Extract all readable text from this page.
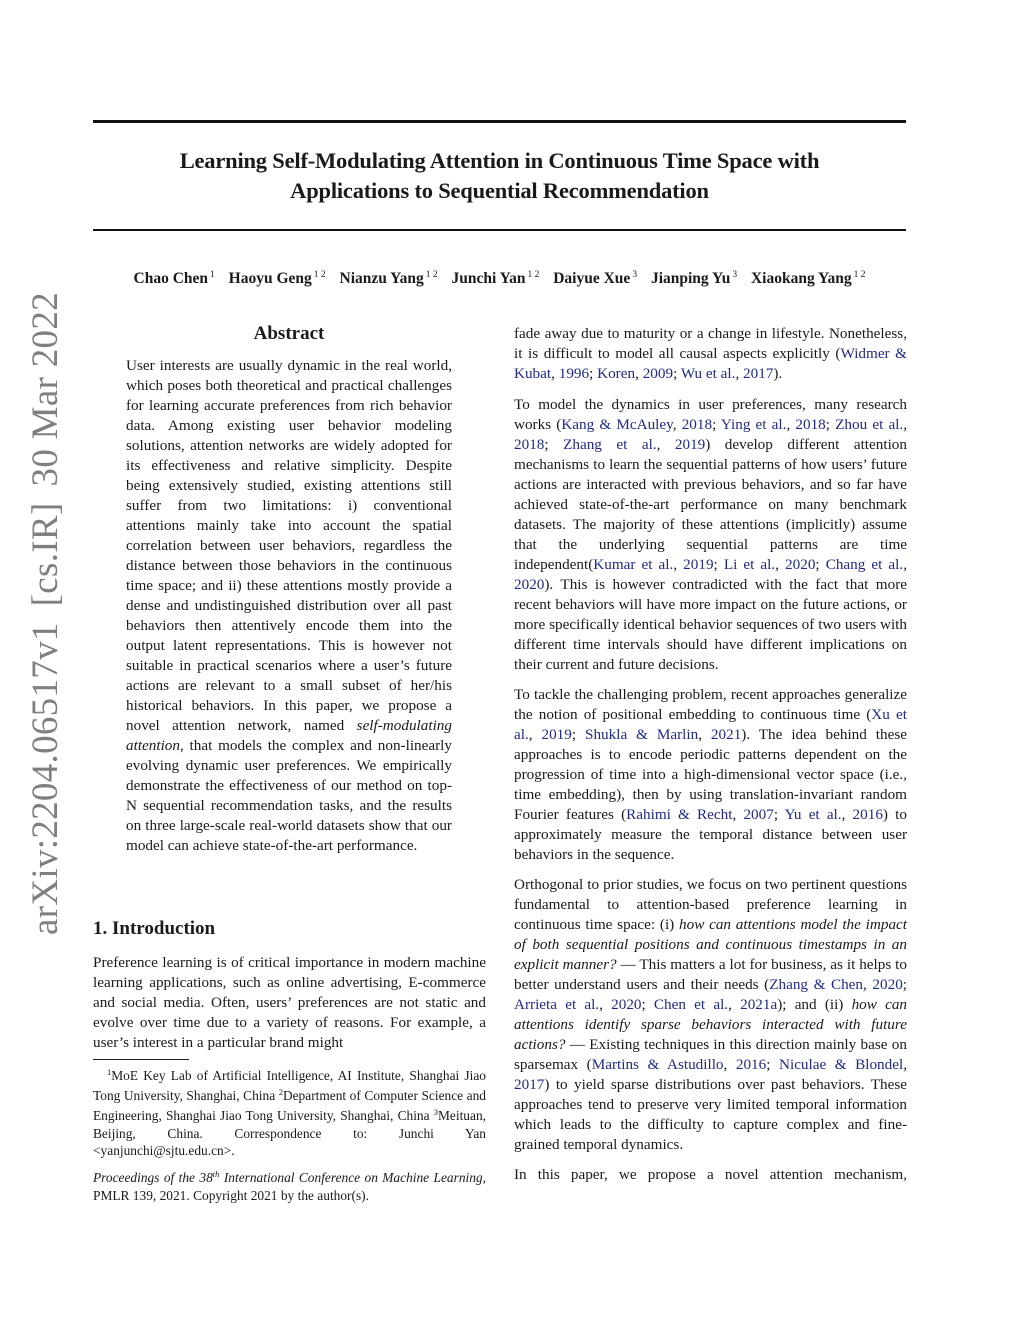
arXiv:2204.06517v1[cs.IR]30 Mar 2022
Learning Self-Modulating Attention in Continuous Time Space with
Applications to Sequential Recommendation
Chao Chen $^1$ Haoyu Geng $^{1 2}$ Nianzu Yang $^{1 2}$ Junchi Yan $^{1 2}$ Daiyue Xue $^3$ Jianping Yu $^3$ Xiaokang Yang $^{1 2}$
Abstract
User interests are usually dynamic in the real world, which poses both theoretical and practical challenges for learning accurate preferences from rich behavior data. Among existing user behavior modeling solutions, attention networks are widely adopted for its effectiveness and relative simplicity. Despite being extensively studied, existing attentions still suffer from two limitations: i) conventional attentions mainly take into account the spatial correlation between user behaviors, regardless the distance between those behaviors in the continuous time space; and ii) these attentions mostly provide a dense and undistinguished distribution over all past behaviors then attentively encode them into the output latent representations. This is however not suitable in practical scenarios where a user’s future actions are relevant to a small subset of her/his historical behaviors. In this paper, we propose a novel attention network, named self-modulating attention, that models the complex and non-linearly evolving dynamic user preferences. We empirically demonstrate the effectiveness of our method on top-N sequential recommendation tasks, and the results on three large-scale real-world datasets show that our model can achieve state-of-the-art performance.
1. Introduction
Preference learning is of critical importance in modern machine learning applications, such as online advertising, E-commerce and social media. Often, users’ preferences are not static and evolve over time due to a variety of reasons. For example, a user’s interest in a particular brand might
$^1$MoE Key Lab of Artificial Intelligence, AI Institute, Shanghai Jiao Tong University, Shanghai, China $^2$Department of Computer Science and Engineering, Shanghai Jiao Tong University, Shanghai, China $^3$Meituan, Beijing, China. Correspondence to: Junchi Yan <yanjunchi@sjtu.edu.cn>.
Proceedings of the 38th International Conference on Machine Learning, PMLR 139, 2021. Copyright 2021 by the author(s).
fade away due to maturity or a change in lifestyle. Nonetheless, it is difficult to model all causal aspects explicitly (Widmer & Kubat, 1996; Koren, 2009; Wu et al., 2017).
To model the dynamics in user preferences, many research works (Kang & McAuley, 2018; Ying et al., 2018; Zhou et al., 2018; Zhang et al., 2019) develop different attention mechanisms to learn the sequential patterns of how users’ future actions are interacted with previous behaviors, and so far have achieved state-of-the-art performance on many benchmark datasets. The majority of these attentions (implicitly) assume that the underlying sequential patterns are time independent(Kumar et al., 2019; Li et al., 2020; Chang et al., 2020). This is however contradicted with the fact that more recent behaviors will have more impact on the future actions, or more specifically identical behavior sequences of two users with different time intervals should have different implications on their current and future decisions.
To tackle the challenging problem, recent approaches generalize the notion of positional embedding to continuous time (Xu et al., 2019; Shukla & Marlin, 2021). The idea behind these approaches is to encode periodic patterns dependent on the progression of time into a high-dimensional vector space (i.e., time embedding), then by using translation-invariant random Fourier features (Rahimi & Recht, 2007; Yu et al., 2016) to approximately measure the temporal distance between user behaviors in the sequence.
Orthogonal to prior studies, we focus on two pertinent questions fundamental to attention-based preference learning in continuous time space: (i) how can attentions model the impact of both sequential positions and continuous timestamps in an explicit manner? — This matters a lot for business, as it helps to better understand users and their needs (Zhang & Chen, 2020; Arrieta et al., 2020; Chen et al., 2021a); and (ii) how can attentions identify sparse behaviors interacted with future actions? — Existing techniques in this direction mainly base on sparsemax (Martins & Astudillo, 2016; Niculae & Blondel, 2017) to yield sparse distributions over past behaviors. These approaches tend to preserve very limited temporal information which leads to the difficulty to capture complex and fine-grained temporal dynamics.
In this paper, we propose a novel attention mechanism,
